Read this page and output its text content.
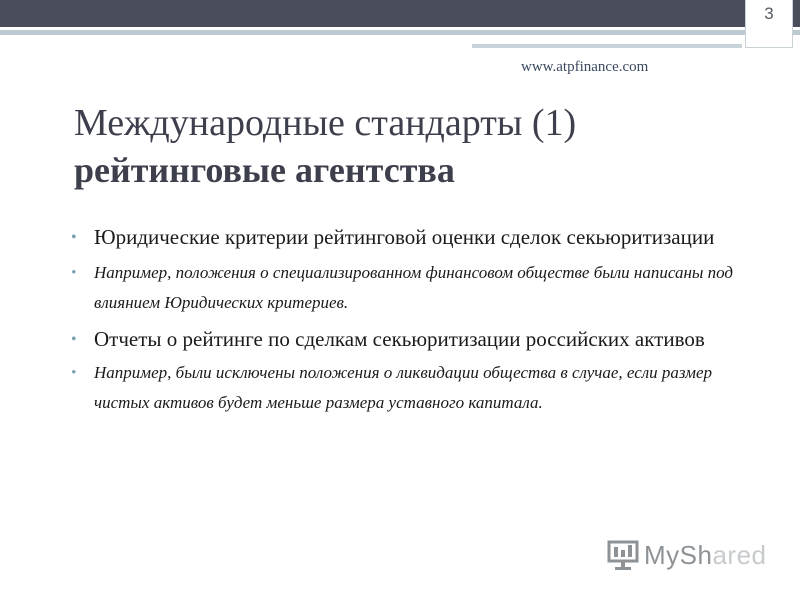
3
www.atpfinance.com
Международные стандарты (1)
рейтинговые агентства
• Юридические критерии рейтинговой оценки сделок секьюритизации
• Например, положения о специализированном финансовом обществе были написаны под влиянием Юридических критериев.
• Отчеты о рейтинге по сделкам секьюритизации российских активов
• Например, были исключены положения о ликвидации общества в случае, если размер чистых активов будет меньше размера уставного капитала.
MyShared
